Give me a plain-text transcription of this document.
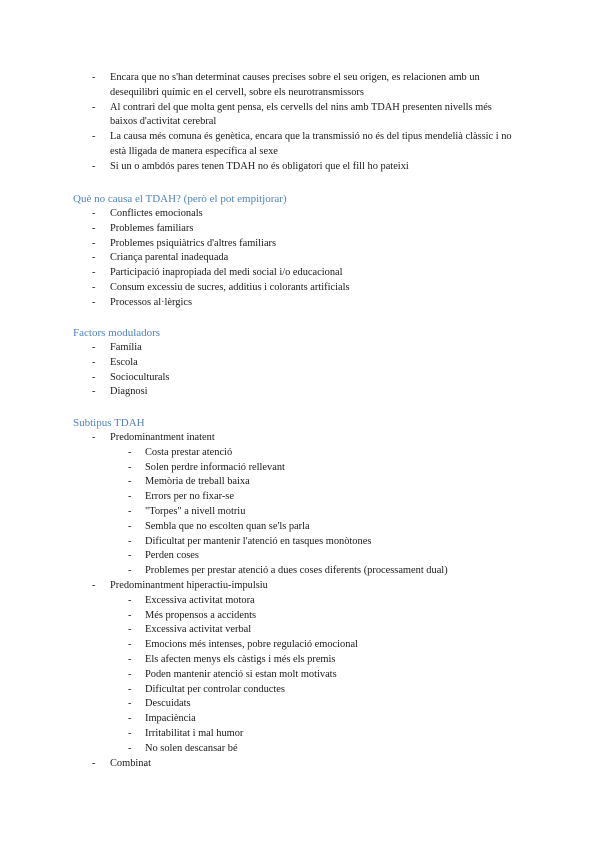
- Encara que no s'han determinat causes precises sobre el seu origen, es relacionen amb un desequilibri químic en el cervell, sobre els neurotransmissors
- Al contrari del que molta gent pensa, els cervells del nins amb TDAH presenten nivells més baixos d'activitat cerebral
- La causa més comuna és genètica, encara que la transmissió no és del tipus mendelià clàssic i no està lligada de manera específica al sexe
- Si un o ambdós pares tenen TDAH no és obligatori que el fill ho pateixi
Què no causa el TDAH? (però el pot empitjorar)
- Conflictes emocionals
- Problemes familiars
- Problemes psiquiàtrics d'altres familiars
- Criança parental inadequada
- Participació inapropiada del medi social i/o educacional
- Consum excessiu de sucres, additius i colorants artificials
- Processos al·lèrgics
Factors moduladors
- Família
- Escola
- Socioculturals
- Diagnosi
Subtipus TDAH
- Predominantment inatent
- Costa prestar atenció
- Solen perdre informació rellevant
- Memòria de treball baixa
- Errors per no fixar-se
- "Torpes" a nivell motriu
- Sembla que no escolten quan se'ls parla
- Dificultat per mantenir l'atenció en tasques monòtones
- Perden coses
- Problemes per prestar atenció a dues coses diferents (processament dual)
- Predominantment hiperactiu-impulsiu
- Excessiva activitat motora
- Més propensos a accidents
- Excessiva activitat verbal
- Emocions més intenses, pobre regulació emocional
- Els afecten menys els càstigs i més els premis
- Poden mantenir atenció si estan molt motivats
- Dificultat per controlar conductes
- Descuidats
- Impaciència
- Irritabilitat i mal humor
- No solen descansar bé
- Combinat
